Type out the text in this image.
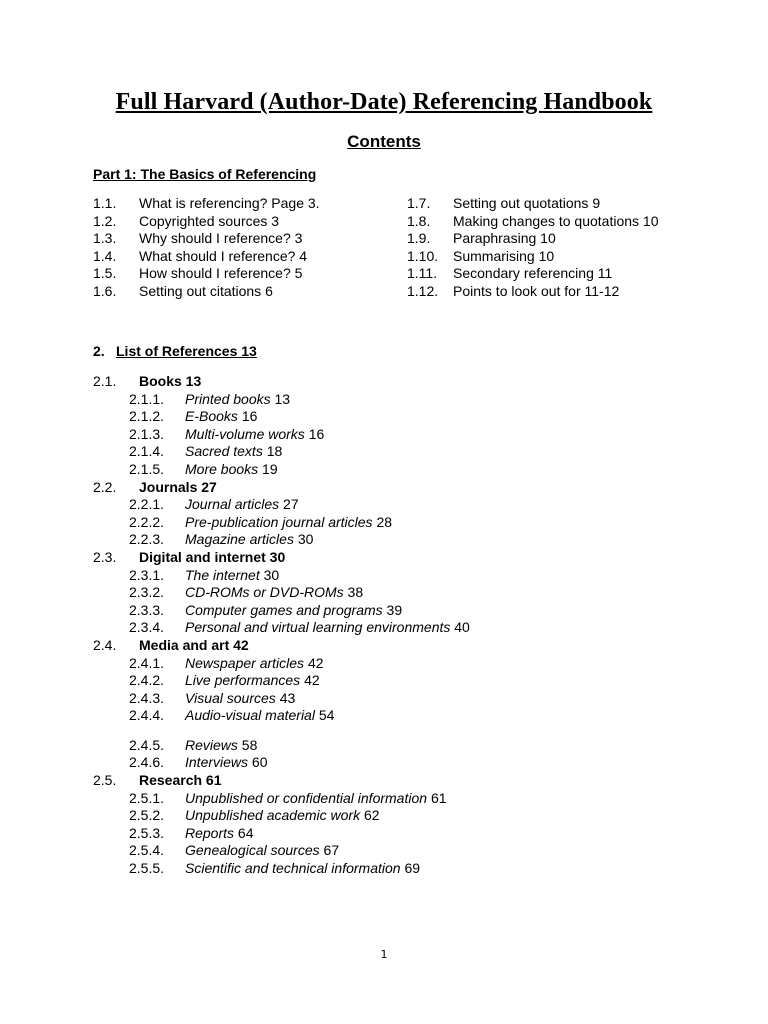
Full Harvard (Author-Date) Referencing Handbook
Contents
Part 1: The Basics of Referencing
1.1. What is referencing? Page 3.
1.2. Copyrighted sources 3
1.3. Why should I reference? 3
1.4. What should I reference? 4
1.5. How should I reference? 5
1.6. Setting out citations 6
1.7. Setting out quotations 9
1.8. Making changes to quotations 10
1.9. Paraphrasing 10
1.10. Summarising 10
1.11. Secondary referencing 11
1.12. Points to look out for 11-12
2. List of References 13
2.1. Books 13
2.1.1. Printed books 13
2.1.2. E-Books 16
2.1.3. Multi-volume works 16
2.1.4. Sacred texts 18
2.1.5. More books 19
2.2. Journals 27
2.2.1. Journal articles 27
2.2.2. Pre-publication journal articles 28
2.2.3. Magazine articles 30
2.3. Digital and internet 30
2.3.1. The internet 30
2.3.2. CD-ROMs or DVD-ROMs 38
2.3.3. Computer games and programs 39
2.3.4. Personal and virtual learning environments 40
2.4. Media and art 42
2.4.1. Newspaper articles 42
2.4.2. Live performances 42
2.4.3. Visual sources 43
2.4.4. Audio-visual material 54
2.4.5. Reviews 58
2.4.6. Interviews 60
2.5. Research 61
2.5.1. Unpublished or confidential information 61
2.5.2. Unpublished academic work 62
2.5.3. Reports 64
2.5.4. Genealogical sources 67
2.5.5. Scientific and technical information 69
1
